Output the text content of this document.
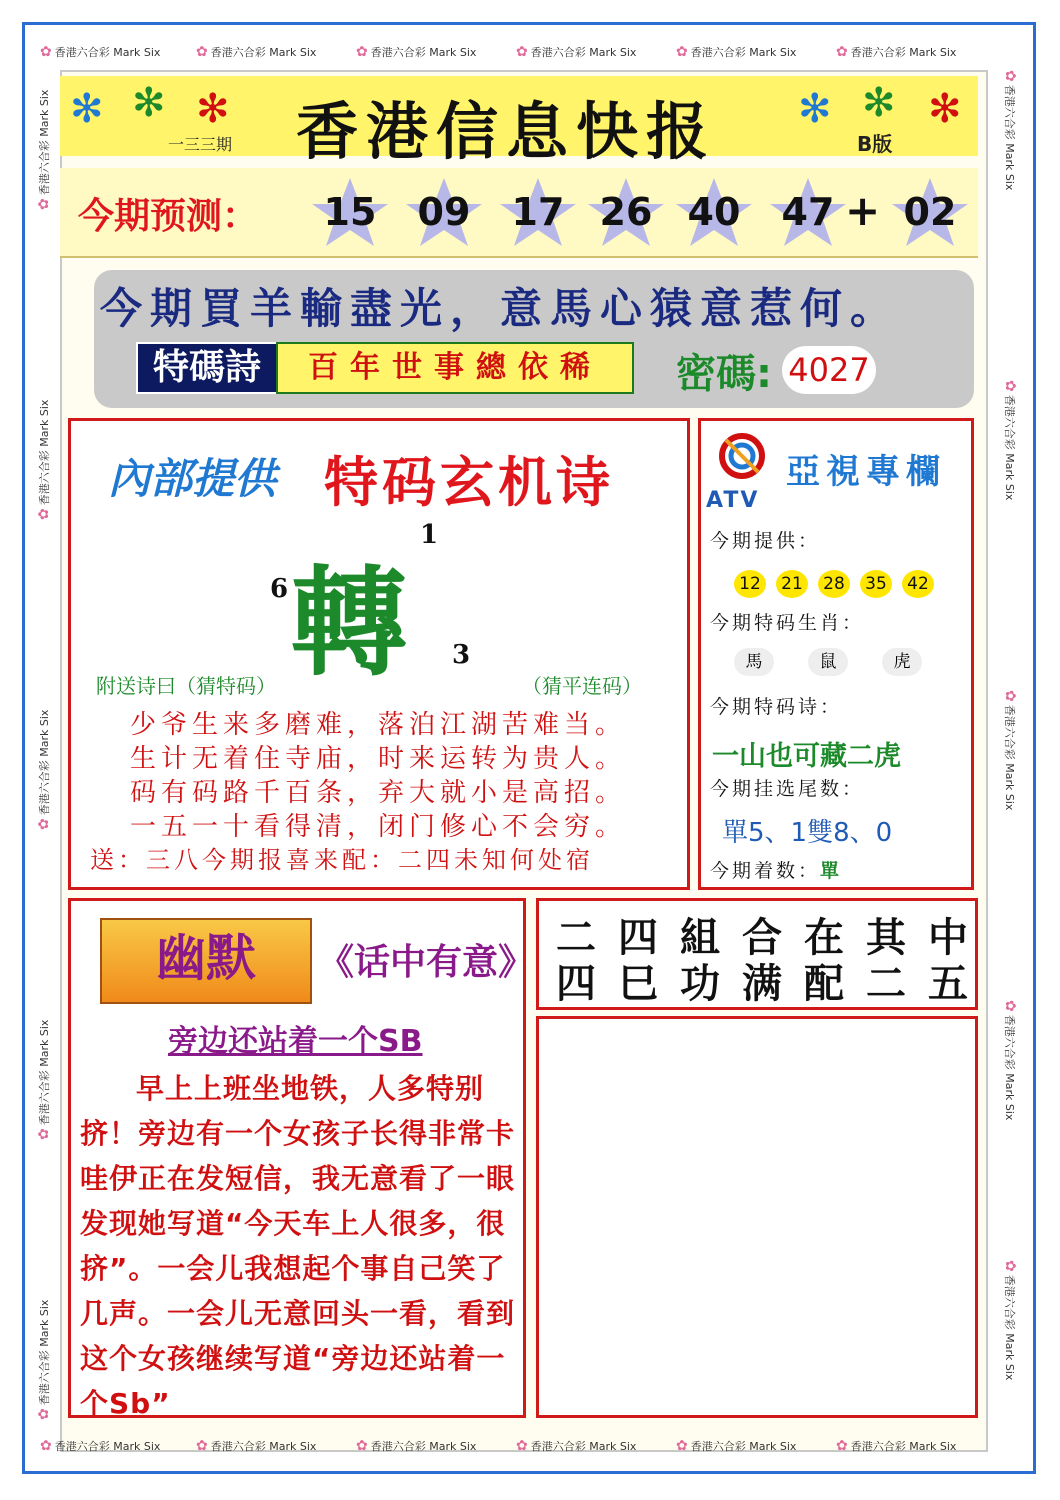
✿ 香港六合彩 Mark Six	✿ 香港六合彩 Mark Six	✿ 香港六合彩 Mark Six	✿ 香港六合彩 Mark Six	✿ 香港六合彩 Mark Six	✿ 香港六合彩 Mark Six
✿ 香港六合彩 Mark Six	✿ 香港六合彩 Mark Six	✿ 香港六合彩 Mark Six	✿ 香港六合彩 Mark Six	✿ 香港六合彩 Mark Six	✿ 香港六合彩 Mark Six
✿香港六合彩 Mark Six
✿香港六合彩 Mark Six
✿香港六合彩 Mark Six
✿香港六合彩 Mark Six
✿香港六合彩 Mark Six
✿香港六合彩 Mark Six
✿香港六合彩 Mark Six
✿香港六合彩 Mark Six
✿香港六合彩 Mark Six
✿香港六合彩 Mark Six
✻ ✻ ✻	✻ ✻ ✻
香港信息快报
一三三期	B版
今期预测：	15	09	17 26 40	47	02
+
今期買羊輸盡光，意馬心猿意惹何。
特碼詩	百年世事總依稀	密碼: 4027
內部提供 特码玄机诗
轉
1
6
3
附送诗曰（猜特码）	（猜平连码）
少爷生来多磨难，落泊江湖苦难当。
生计无着住寺庙，时来运转为贵人。
码有码路千百条，弃大就小是高招。
一五一十看得清，闭门修心不会穷。
送：三八今期报喜来配：二四未知何处宿
亞視專欄
ATV
今期提供：
12	21	28	35	42
今期特码生肖：
馬	鼠	虎
今期特码诗：
一山也可藏二虎
今期挂选尾数：
單5、1雙8、0
今期着数：單
幽默	《话中有意》
旁边还站着一个SB
早上上班坐地铁，人多特别挤！旁边有一个女孩子长得非常卡哇伊正在发短信，我无意看了一眼发现她写道“今天车上人很多，很挤”。一会儿我想起个事自己笑了几声。一会儿无意回头一看，看到这个女孩继续写道“旁边还站着一个Sb”
二四組合在其中
四巳功满配二五
